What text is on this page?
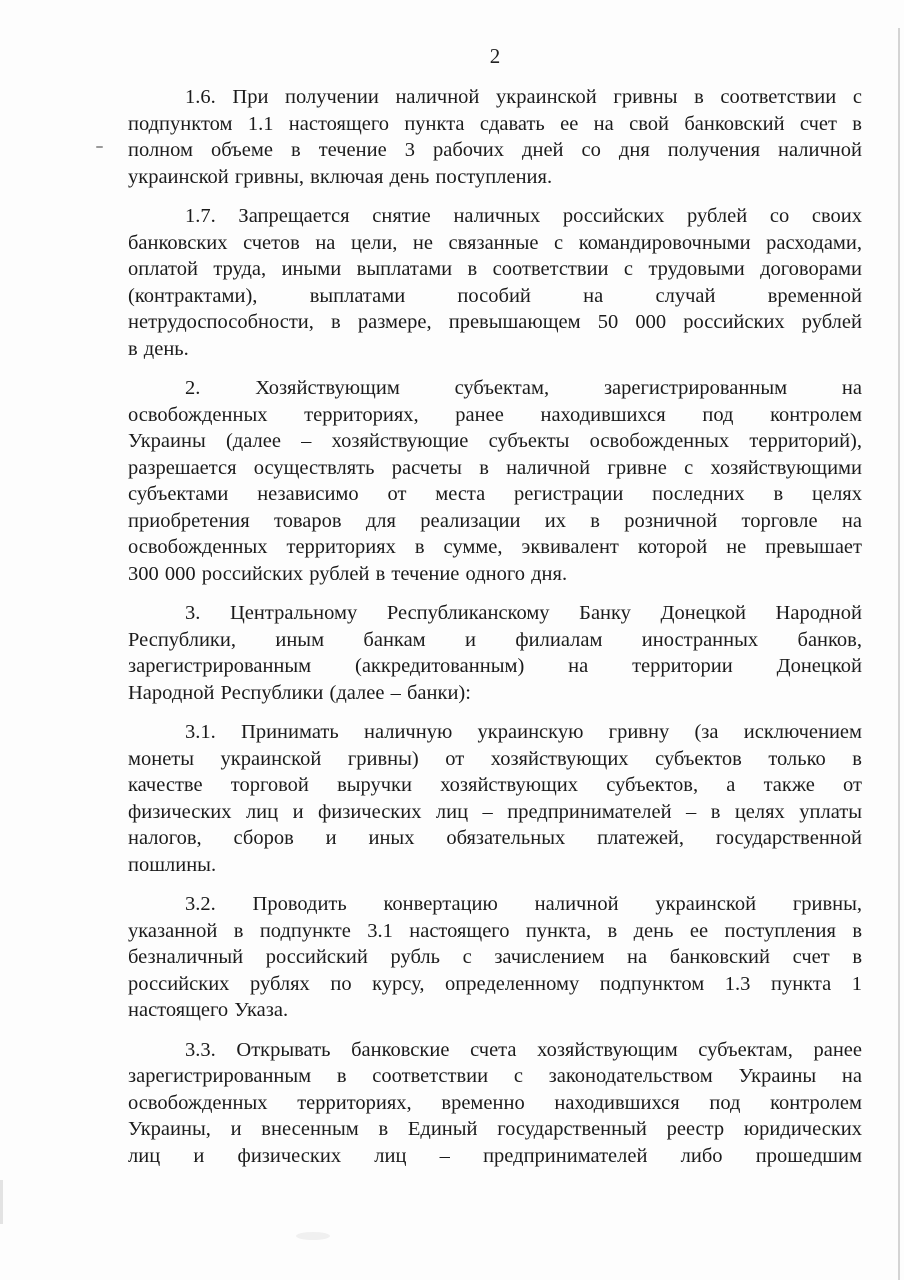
2
1.6. При получении наличной украинской гривны в соответствии с
подпунктом 1.1 настоящего пункта сдавать ее на свой банковский счет в
полном объеме в течение 3 рабочих дней со дня получения наличной
украинской гривны, включая день поступления.
1.7. Запрещается снятие наличных российских рублей со своих
банковских счетов на цели, не связанные с командировочными расходами,
оплатой труда, иными выплатами в соответствии с трудовыми договорами
(контрактами), выплатами пособий на случай временной
нетрудоспособности, в размере, превышающем 50 000 российских рублей
в день.
2. Хозяйствующим субъектам, зарегистрированным на
освобожденных территориях, ранее находившихся под контролем
Украины (далее – хозяйствующие субъекты освобожденных территорий),
разрешается осуществлять расчеты в наличной гривне с хозяйствующими
субъектами независимо от места регистрации последних в целях
приобретения товаров для реализации их в розничной торговле на
освобожденных территориях в сумме, эквивалент которой не превышает
300 000 российских рублей в течение одного дня.
3. Центральному Республиканскому Банку Донецкой Народной
Республики, иным банкам и филиалам иностранных банков,
зарегистрированным (аккредитованным) на территории Донецкой
Народной Республики (далее – банки):
3.1. Принимать наличную украинскую гривну (за исключением
монеты украинской гривны) от хозяйствующих субъектов только в
качестве торговой выручки хозяйствующих субъектов, а также от
физических лиц и физических лиц – предпринимателей – в целях уплаты
налогов, сборов и иных обязательных платежей, государственной
пошлины.
3.2. Проводить конвертацию наличной украинской гривны,
указанной в подпункте 3.1 настоящего пункта, в день ее поступления в
безналичный российский рубль с зачислением на банковский счет в
российских рублях по курсу, определенному подпунктом 1.3 пункта 1
настоящего Указа.
3.3. Открывать банковские счета хозяйствующим субъектам, ранее
зарегистрированным в соответствии с законодательством Украины на
освобожденных территориях, временно находившихся под контролем
Украины, и внесенным в Единый государственный реестр юридических
лиц и физических лиц – предпринимателей либо прошедшим
